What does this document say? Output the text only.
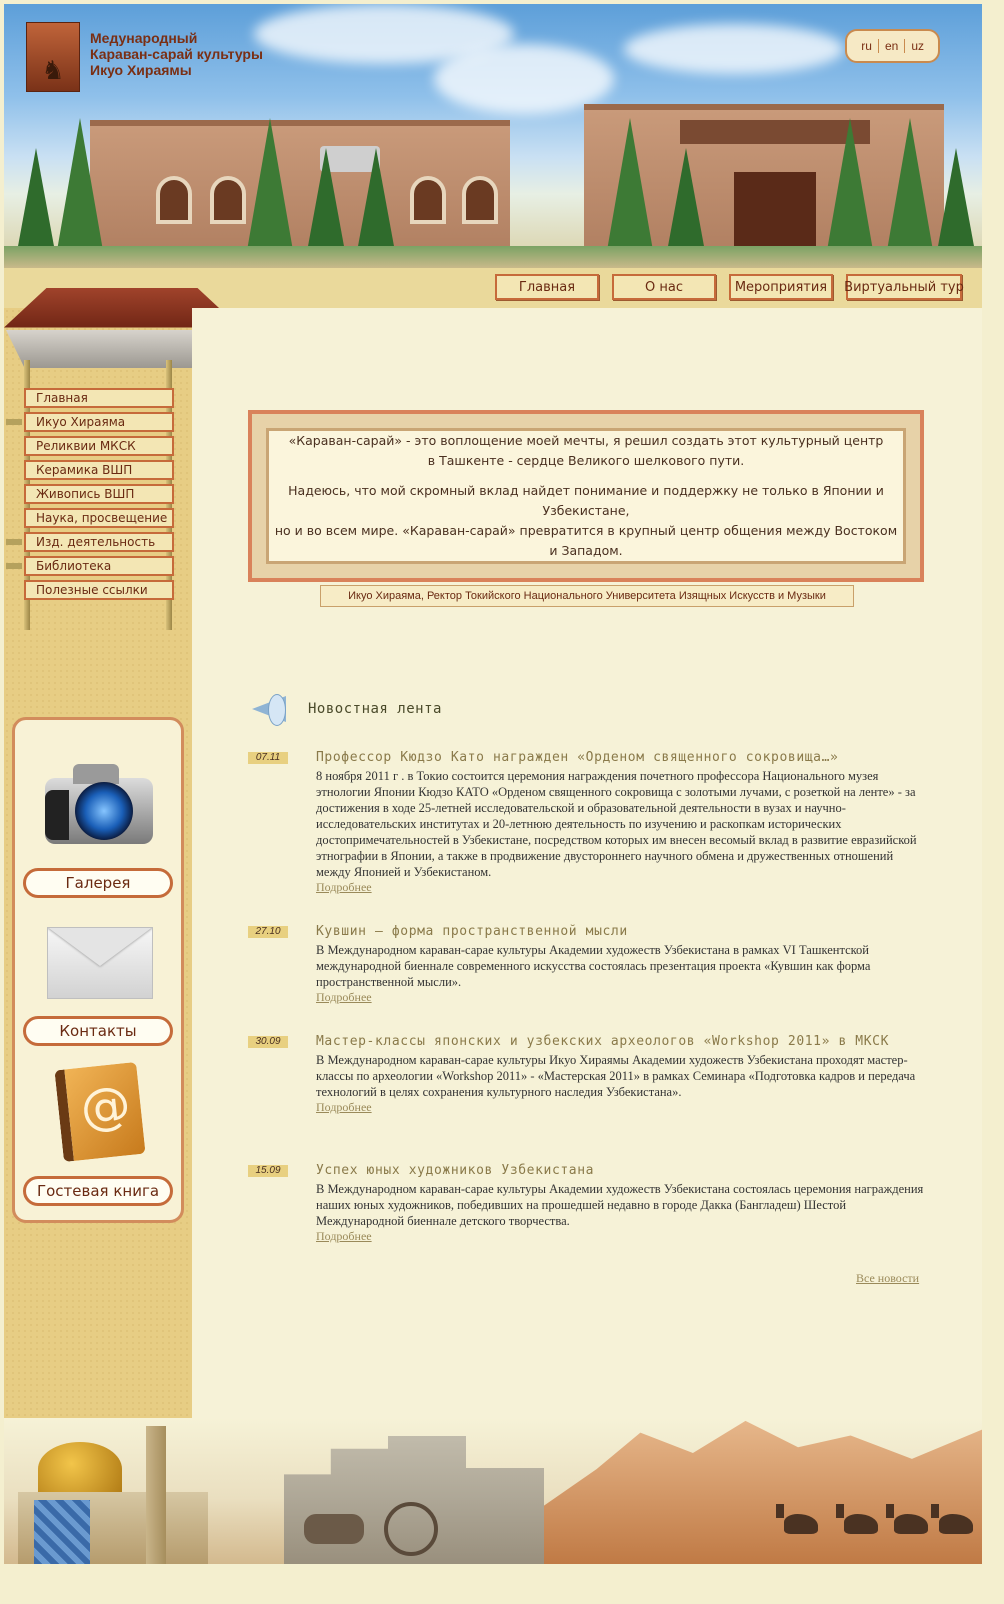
♞
Медународный
Караван-сарай культуры
Икуо Хираямы
ru	en	uz
Главная	О нас	Мероприятия	Виртуальный тур
Главная
Икуо Хираяма
Реликвии МКСК
Керамика ВШП
Живопись ВШП
Наука, просвещение
Изд. деятельность
Библиотека
Полезные ссылки
Галерея
Контакты
@
Гостевая книга

«Караван-сарай» - это воплощение моей мечты, я решил создать этот культурный центр

в Ташкенте - сердце Великого шелкового пути.

Надеюсь, что мой скромный вклад найдет понимание и поддержку не только в Японии и Узбекистане,

но и во всем мире. «Караван-сарай» превратится в крупный центр общения между Востоком и Западом.

Икуо Хираяма, Ректор Токийского Национального Университета Изящных Искусств и Музыки
Новостная лента
07.11	Профессор Кюдзо Като награжден «Орденом священного сокровища…»
8 ноября 2011 г . в Токио состоится церемония награждения почетного профессора Национального музея этнологии Японии Кюдзо КАТО «Орденом священного сокровища с золотыми лучами, с розеткой на ленте» - за достижения в ходе 25-летней исследовательской и образовательной деятельности в вузах и научно-исследовательских институтах и 20-летнюю деятельность по изучению и раскопкам исторических достопримечательностей в Узбекистане, посредством которых им внесен весомый вклад в развитие евразийской этнографии в Японии, а также в продвижение двустороннего научного обмена и дружественных отношений между Японией и Узбекистаном.
Подробнее
27.10	Кувшин – форма пространственной мысли
В Международном караван-сарае культуры Академии художеств Узбекистана в рамках VI Ташкентской международной биеннале современного искусства состоялась презентация проекта «Кувшин как форма пространственной мысли».
Подробнее
30.09	Мастер-классы японских и узбекских археологов «Workshop 2011» в МКСК
В Международном караван-сарае культуры Икуо Хираямы Академии художеств Узбекистана проходят мастер-классы по археологии «Workshop 2011» - «Мастерская 2011» в рамках Семинара «Подготовка кадров и передача технологий в целях сохранения культурного наследия Узбекистана».
Подробнее
15.09	Успех юных художников Узбекистана
В Международном караван-сарае культуры Академии художеств Узбекистана состоялась церемония награждения наших юных художников, победивших на прошедшей недавно в городе Дакка (Бангладеш) Шестой Международной биеннале детского творчества.
Подробнее
Все новости
